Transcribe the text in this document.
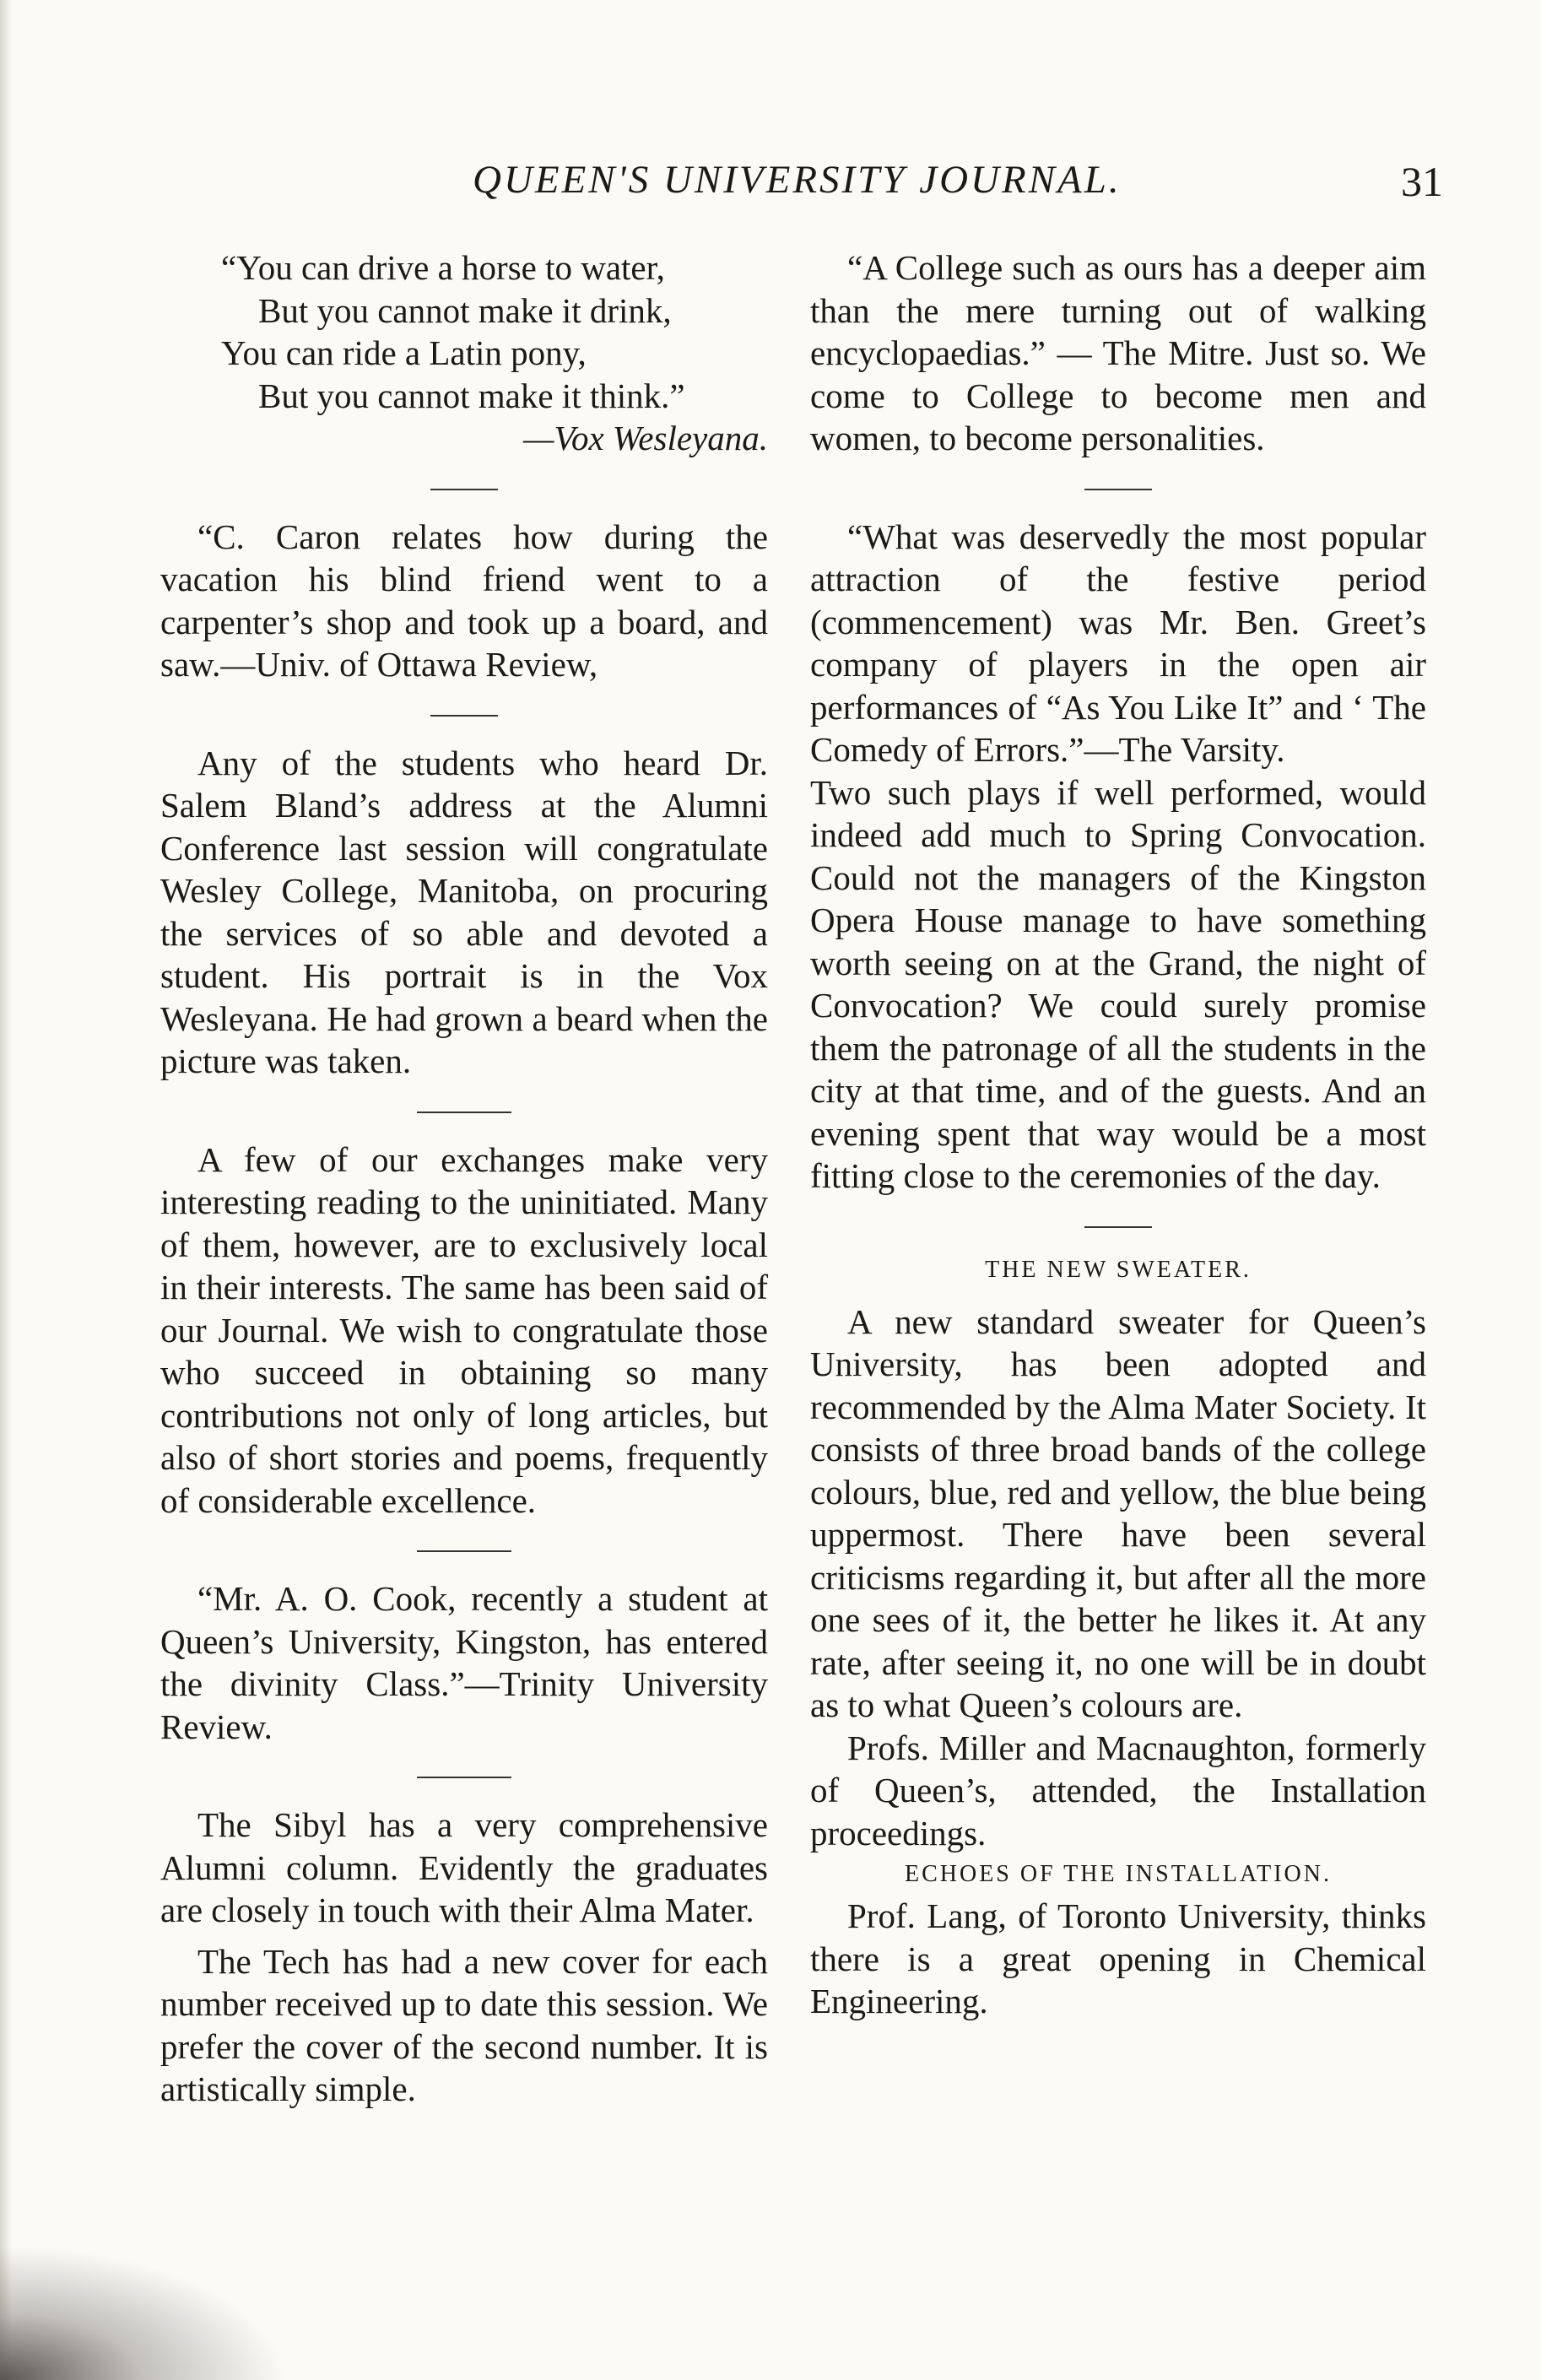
QUEEN'S UNIVERSITY JOURNAL.	31
“You can drive a horse to water,
But you cannot make it drink,
You can ride a Latin pony,
But you cannot make it think.”
—Vox Wesleyana.

“C. Caron relates how during the vacation his blind friend went to a carpenter’s shop and took up a board, and saw.—Univ. of Ottawa Review,

Any of the students who heard Dr. Salem Bland’s address at the Alumni Conference last session will congratulate Wesley College, Manitoba, on procuring the services of so able and devoted a student. His portrait is in the Vox Wesleyana. He had grown a beard when the picture was taken.

A few of our exchanges make very interesting reading to the uninitiated. Many of them, however, are to exclusively local in their interests. The same has been said of our Journal. We wish to congratulate those who succeed in obtaining so many contributions not only of long articles, but also of short stories and poems, frequently of considerable excellence.

“Mr. A. O. Cook, recently a student at Queen’s University, Kingston, has entered the divinity Class.”—Trinity University Review.

The Sibyl has a very comprehensive Alumni column. Evidently the graduates are closely in touch with their Alma Mater.

The Tech has had a new cover for each number received up to date this session. We prefer the cover of the second number. It is artistically simple.

“A College such as ours has a deeper aim than the mere turning out of walking encyclopaedias.” — The Mitre. Just so. We come to College to become men and women, to become personalities.

“What was deservedly the most popular attraction of the festive period (commencement) was Mr. Ben. Greet’s company of players in the open air performances of “As You Like It” and ‘ The Comedy of Errors.”—The Varsity.

Two such plays if well performed, would indeed add much to Spring Convocation. Could not the managers of the Kingston Opera House manage to have something worth seeing on at the Grand, the night of Convocation? We could surely promise them the patronage of all the students in the city at that time, and of the guests. And an evening spent that way would be a most fitting close to the ceremonies of the day.

THE NEW SWEATER.

A new standard sweater for Queen’s University, has been adopted and recommended by the Alma Mater Society. It consists of three broad bands of the college colours, blue, red and yellow, the blue being uppermost. There have been several criticisms regarding it, but after all the more one sees of it, the better he likes it. At any rate, after seeing it, no one will be in doubt as to what Queen’s colours are.

Profs. Miller and Macnaughton, formerly of Queen’s, attended, the Installation proceedings.

ECHOES OF THE INSTALLATION.

Prof. Lang, of Toronto University, thinks there is a great opening in Chemical Engineering.
